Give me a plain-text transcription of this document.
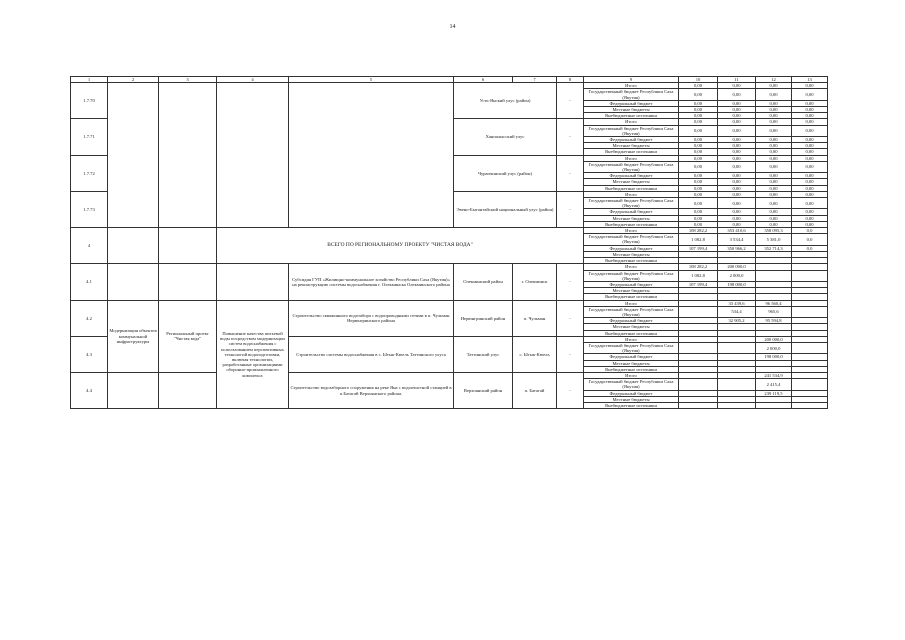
14
1	2	3	4	5	6	7	8	9	10	11	12	13
1.7.70					Усть-Янский улус (район)		-	Итого	0,00	0,00	0,00	0,00
								Государственный бюджет Республики Саха (Якутия)	0,00	0,00	0,00	0,00
								Федеральный бюджет	0,00	0,00	0,00	0,00
								Местные бюджеты	0,00	0,00	0,00	0,00
								Внебюджетные источники	0,00	0,00	0,00	0,00
1.7.71					Ханпалысский улус		-	Итого	0,00	0,00	0,00	0,00
								Государственный бюджет Республики Саха (Якутия)	0,00	0,00	0,00	0,00
								Федеральный бюджет	0,00	0,00	0,00	0,00
								Местные бюджеты	0,00	0,00	0,00	0,00
								Внебюджетные источники	0,00	0,00	0,00	0,00
1.7.72					Чурапчинский улус (район)		-	Итого	0,00	0,00	0,00	0,00
								Государственный бюджет Республики Саха (Якутия)	0,00	0,00	0,00	0,00
								Федеральный бюджет	0,00	0,00	0,00	0,00
								Местные бюджеты	0,00	0,00	0,00	0,00
								Внебюджетные источники	0,00	0,00	0,00	0,00
1.7.73					Эвено-Бытантайский национальный улус (район)		-	Итого	0,00	0,00	0,00	0,00
								Государственный бюджет Республики Саха (Якутия)	0,00	0,00	0,00	0,00
								Федеральный бюджет	0,00	0,00	0,00	0,00
								Местные бюджеты	0,00	0,00	0,00	0,00
								Внебюджетные источники	0,00	0,00	0,00	0,00
4			ВСЕГО ПО РЕГИОНАЛЬНОМУ ПРОЕКТУ "ЧИСТАЯ ВОДА"					Итого	108 282,2	353 410,6	358 095,3	0,0
								Государственный бюджет Республики Саха (Якутия)	1 082,8	3 534,4	5 381,0	0,0
								Федеральный бюджет	107 199,4	350 966,2	352 714,3	0,0
								Местные бюджеты				
								Внебюджетные источники				
4.1				Субсидия ГУП «Жилищно-коммунальное хозяйство Республики Саха (Якутия)» на реконструкцию системы водоснабжения г. Олекминска Олекминского района	Олекминский район	г. Олекминск	-	Итого	108 282,2	200 000,0		
								Государственный бюджет Республики Саха (Якутия)	1 082,8	2 000,0		
								Федеральный бюджет	107 199,4	198 000,0		
								Местные бюджеты				
								Внебюджетные источники				
4.2	Модернизация объектов коммунальной инфраструктуры	Региональный проект "Чистая вода"	Повышение качества питьевой воды посредством модернизации систем водоснабжения с использованием перспективных технологий водоподготовки, включая технологии, разработанные организациями оборонно-промышленного комплекса	Строительство скважинного водозабора с водопроводными сетями в п. Чульман Нерюнгринского района	Нерюнгринский район	п. Чульман	-	Итого		33 439,6	96 560,4	
								Государственный бюджет Республики Саха (Якутия)		534,4	965,6	
								Федеральный бюджет		32 905,2	95 594,8	
								Местные бюджеты				
								Внебюджетные источники				
4.3				Строительство системы водоснабжения в с. Ытык-Кюель Таттинского улуса	Таттинский улус	с. Ытык-Кюель	-	Итого			200 000,0	
								Государственный бюджет Республики Саха (Якутия)			2 000,0	
								Федеральный бюджет			198 000,0	
								Местные бюджеты				
								Внебюджетные источники				
4.4				Строительство водозаборного сооружения на реке Яна с водоочистной станцией в п.Батагай Верхоянского района.	Верхоянский район	п. Батагай	-	Итого			241 534,9	
								Государственный бюджет Республики Саха (Якутия)			2 415,4	
								Федеральный бюджет			239 119,5	
								Местные бюджеты				
								Внебюджетные источники				
